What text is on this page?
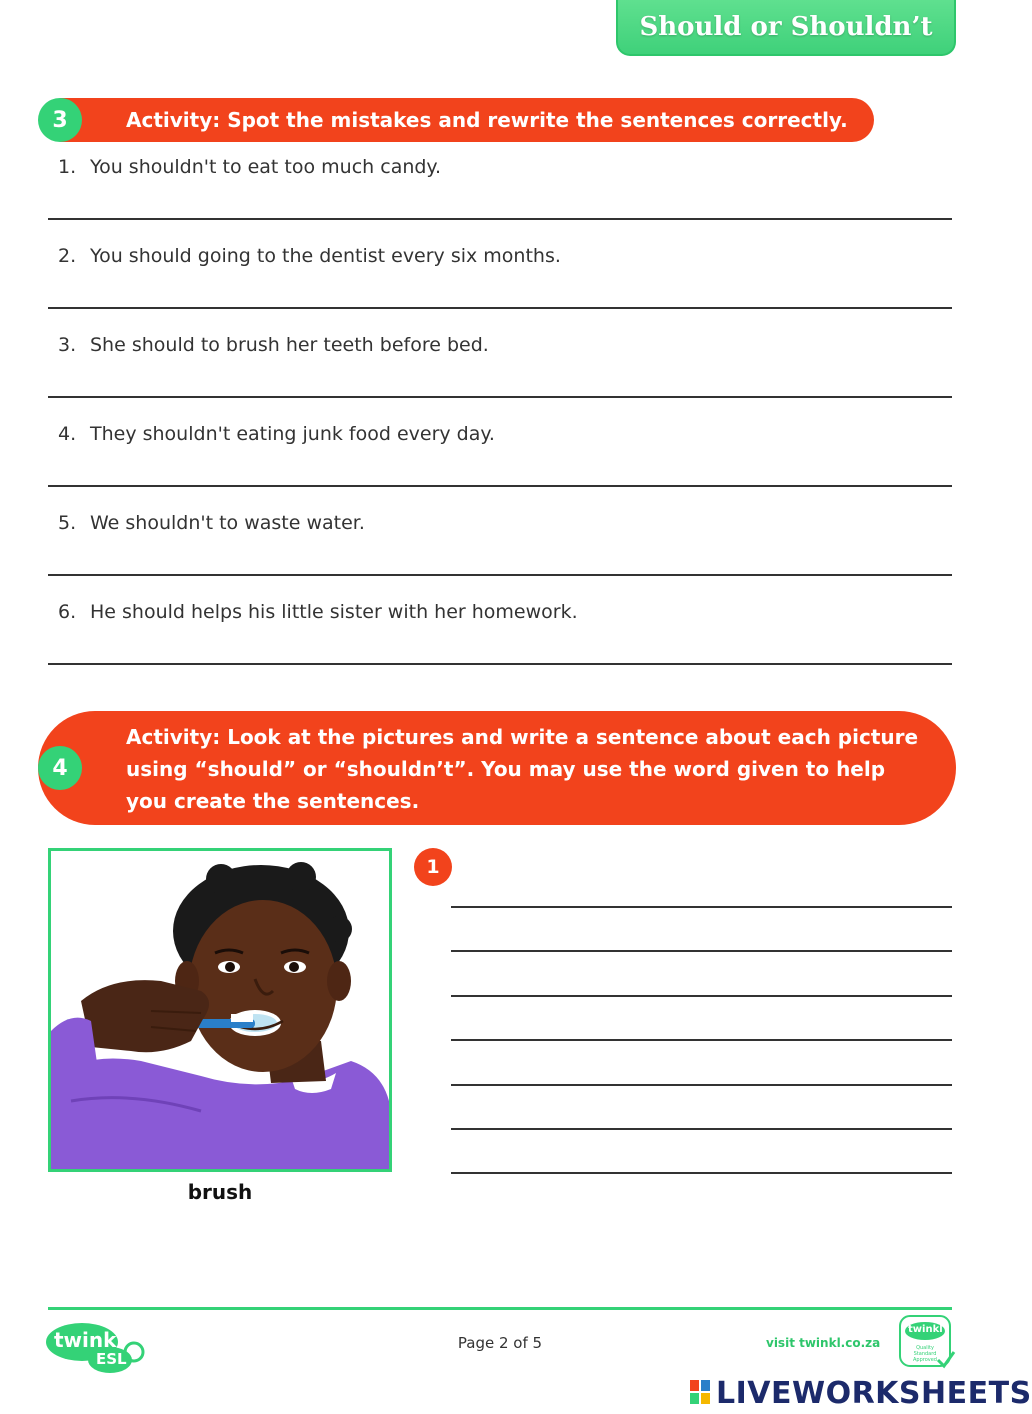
Should or Shouldn’t
Activity: Spot the mistakes and rewrite the sentences correctly.
3
1. You shouldn't to eat too much candy.
2. You should going to the dentist every six months.
3. She should to brush her teeth before bed.
4. They shouldn't eating junk food every day.
5. We shouldn't to waste water.
6. He should helps his little sister with her homework.
Activity: Look at the pictures and write a sentence about each picture using “should” or “shouldn’t”. You may use the word given to help you create the sentences.
4
brush
1
twinkl
ESL
Page 2 of 5	visit twinkl.co.za
twinkl
Quality Standard Approved
LIVEWORKSHEETS
